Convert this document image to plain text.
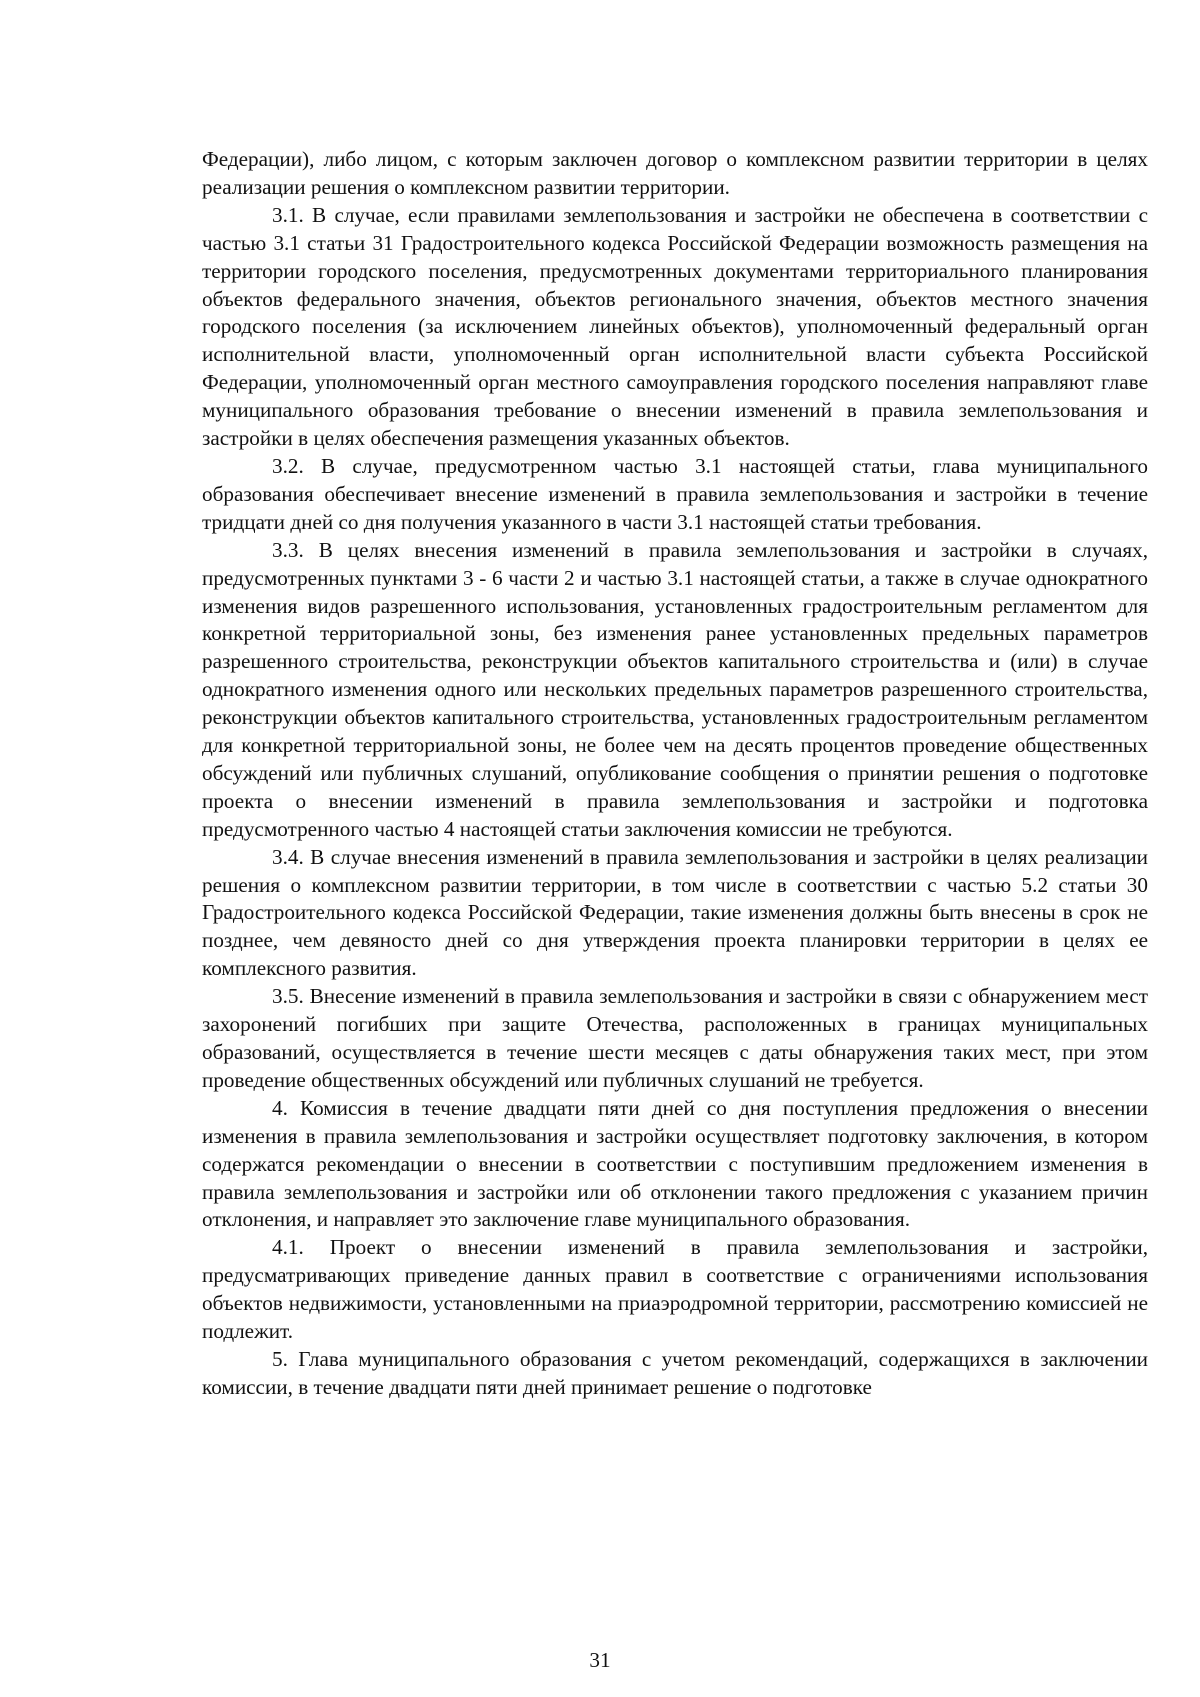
Федерации), либо лицом, с которым заключен договор о комплексном развитии территории в целях реализации решения о комплексном развитии территории.

3.1. В случае, если правилами землепользования и застройки не обеспечена в соответствии с частью 3.1 статьи 31 Градостроительного кодекса Российской Федерации возможность размещения на территории городского поселения, предусмотренных документами территориального планирования объектов федерального значения, объектов регионального значения, объектов местного значения городского поселения (за исключением линейных объектов), уполномоченный федеральный орган исполнительной власти, уполномоченный орган исполнительной власти субъекта Российской Федерации, уполномоченный орган местного самоуправления городского поселения направляют главе муниципального образования требование о внесении изменений в правила землепользования и застройки в целях обеспечения размещения указанных объектов.

3.2. В случае, предусмотренном частью 3.1 настоящей статьи, глава муниципального образования обеспечивает внесение изменений в правила землепользования и застройки в течение тридцати дней со дня получения указанного в части 3.1 настоящей статьи требования.

3.3. В целях внесения изменений в правила землепользования и застройки в случаях, предусмотренных пунктами 3 - 6 части 2 и частью 3.1 настоящей статьи, а также в случае однократного изменения видов разрешенного использования, установленных градостроительным регламентом для конкретной территориальной зоны, без изменения ранее установленных предельных параметров разрешенного строительства, реконструкции объектов капитального строительства и (или) в случае однократного изменения одного или нескольких предельных параметров разрешенного строительства, реконструкции объектов капитального строительства, установленных градостроительным регламентом для конкретной территориальной зоны, не более чем на десять процентов проведение общественных обсуждений или публичных слушаний, опубликование сообщения о принятии решения о подготовке проекта о внесении изменений в правила землепользования и застройки и подготовка предусмотренного частью 4 настоящей статьи заключения комиссии не требуются.

3.4. В случае внесения изменений в правила землепользования и застройки в целях реализации решения о комплексном развитии территории, в том числе в соответствии с частью 5.2 статьи 30 Градостроительного кодекса Российской Федерации, такие изменения должны быть внесены в срок не позднее, чем девяносто дней со дня утверждения проекта планировки территории в целях ее комплексного развития.

3.5. Внесение изменений в правила землепользования и застройки в связи с обнаружением мест захоронений погибших при защите Отечества, расположенных в границах муниципальных образований, осуществляется в течение шести месяцев с даты обнаружения таких мест, при этом проведение общественных обсуждений или публичных слушаний не требуется.

4. Комиссия в течение двадцати пяти дней со дня поступления предложения о внесении изменения в правила землепользования и застройки осуществляет подготовку заключения, в котором содержатся рекомендации о внесении в соответствии с поступившим предложением изменения в правила землепользования и застройки или об отклонении такого предложения с указанием причин отклонения, и направляет это заключение главе муниципального образования.

4.1. Проект о внесении изменений в правила землепользования и застройки, предусматривающих приведение данных правил в соответствие с ограничениями использования объектов недвижимости, установленными на приаэродромной территории, рассмотрению комиссией не подлежит.

5. Глава муниципального образования с учетом рекомендаций, содержащихся в заключении комиссии, в течение двадцати пяти дней принимает решение о подготовке

31
